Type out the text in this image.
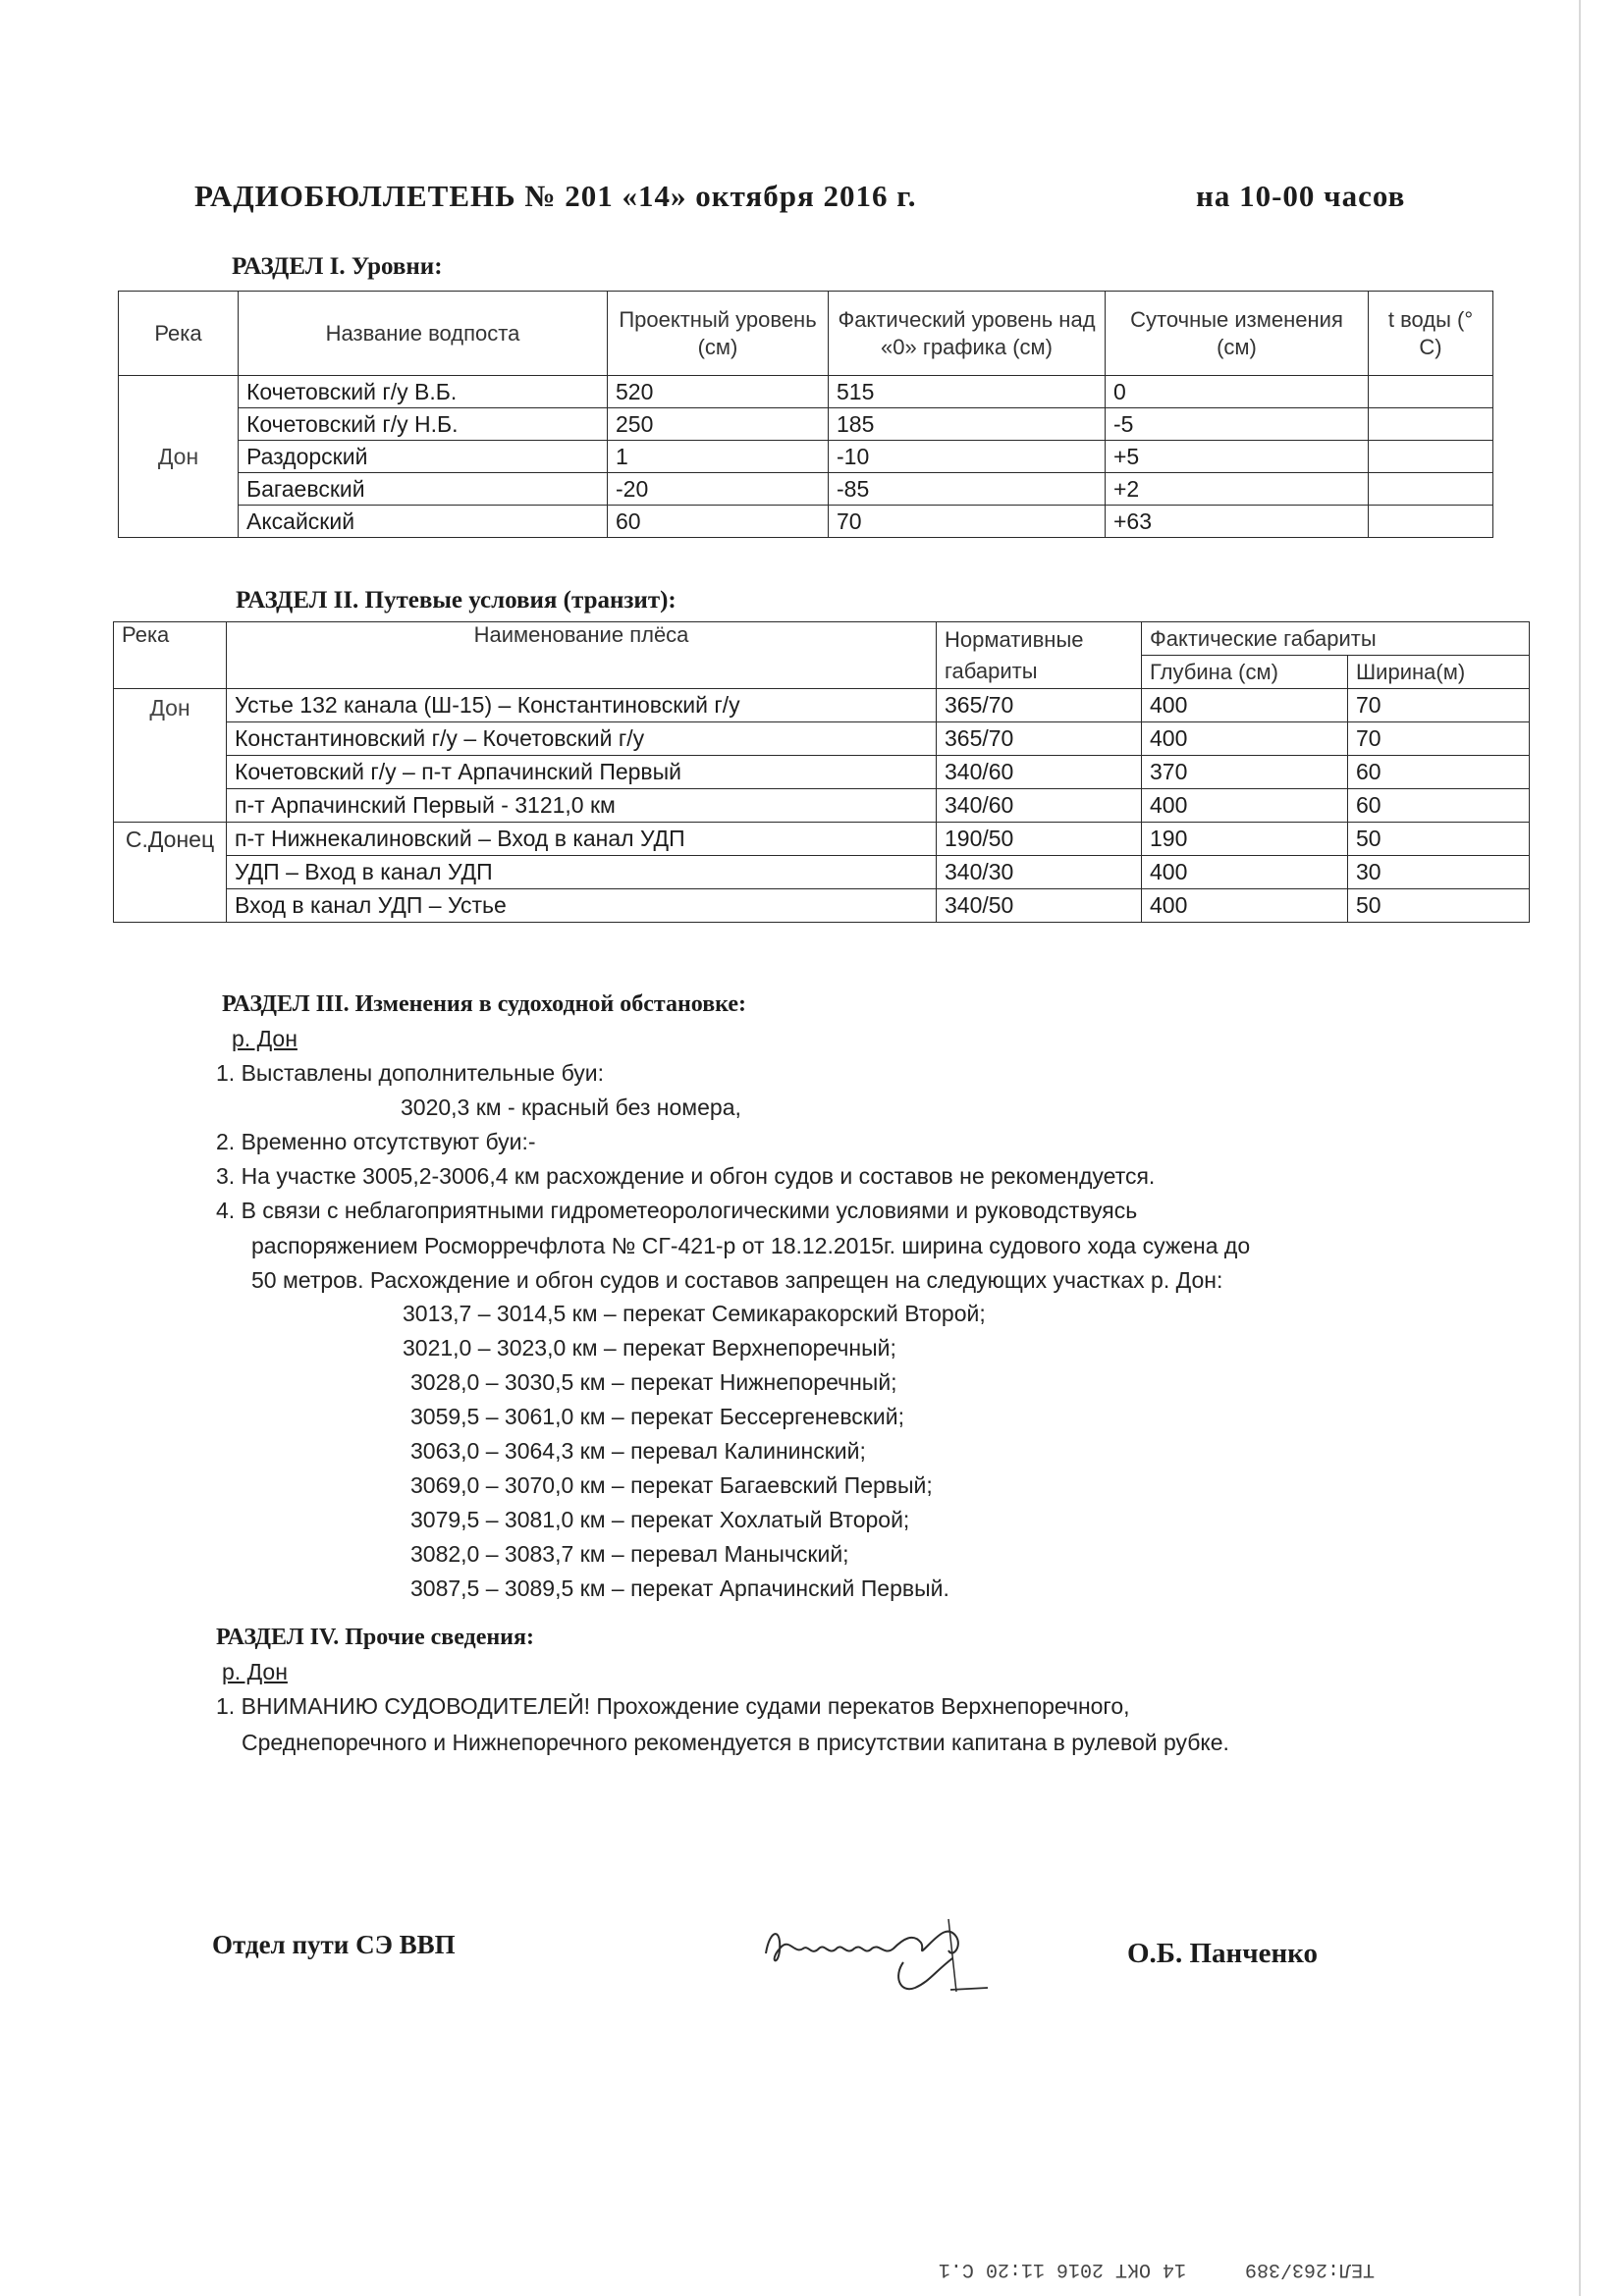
РАДИОБЮЛЛЕТЕНЬ № 201 «14» октября 2016 г.	на 10-00 часов
РАЗДЕЛ I. Уровни:
Река	Название водпоста	Проектный уровень (см)	Фактический уровень над «0» графика (см)	Суточные изменения (см)	t воды (° C)
Дон	Кочетовский г/у В.Б.	520	515	0	
	Кочетовский г/у Н.Б.	250	185	-5	
	Раздорский	1	-10	+5	
	Багаевский	-20	-85	+2	
	Аксайский	60	70	+63	
РАЗДЕЛ II. Путевые условия (транзит):
Река	Наименование плёса	Нормативные габариты	Фактические габариты	
			Глубина (см)	Ширина(м)
Дон	Устье 132 канала (Ш-15) – Константиновский г/у	365/70	400	70
	Константиновский г/у – Кочетовский г/у	365/70	400	70
	Кочетовский г/у – п-т Арпачинский Первый	340/60	370	60
	п-т Арпачинский Первый - 3121,0 км	340/60	400	60
С.Донец	п-т Нижнекалиновский – Вход в канал УДП	190/50	190	50
	УДП – Вход в канал УДП	340/30	400	30
	Вход в канал УДП – Устье	340/50	400	50
РАЗДЕЛ III. Изменения в судоходной обстановке:
р. Дон
1. Выставлены дополнительные буи:
3020,3 км - красный без номера,
2. Временно отсутствуют буи:-
3. На участке 3005,2-3006,4 км расхождение и обгон судов и составов не рекомендуется.
4. В связи с неблагоприятными гидрометеорологическими условиями и руководствуясь
распоряжением Росморречфлота № СГ-421-р от 18.12.2015г. ширина судового хода сужена до
50 метров. Расхождение и обгон судов и составов запрещен на следующих участках р. Дон:
3013,7 – 3014,5 км – перекат Семикаракорский Второй;
3021,0 – 3023,0 км – перекат Верхнепоречный;
3028,0 – 3030,5 км – перекат Нижнепоречный;
3059,5 – 3061,0 км – перекат Бессергеневский;
3063,0 – 3064,3 км – перевал Калининский;
3069,0 – 3070,0 км – перекат Багаевский Первый;
3079,5 – 3081,0 км – перекат Хохлатый Второй;
3082,0 – 3083,7 км – перевал Манычский;
3087,5 – 3089,5 км – перекат Арпачинский Первый.
РАЗДЕЛ IV. Прочие сведения:
р. Дон
1. ВНИМАНИЮ СУДОВОДИТЕЛЕЙ! Прохождение судами перекатов Верхнепоречного,
Среднепоречного и Нижнепоречного рекомендуется в присутствии капитана в рулевой рубке.
Отдел пути СЭ ВВП	О.Б. Панченко
ТЕЛ:263/389
14 ОКТ 2016 11:20 С.1
